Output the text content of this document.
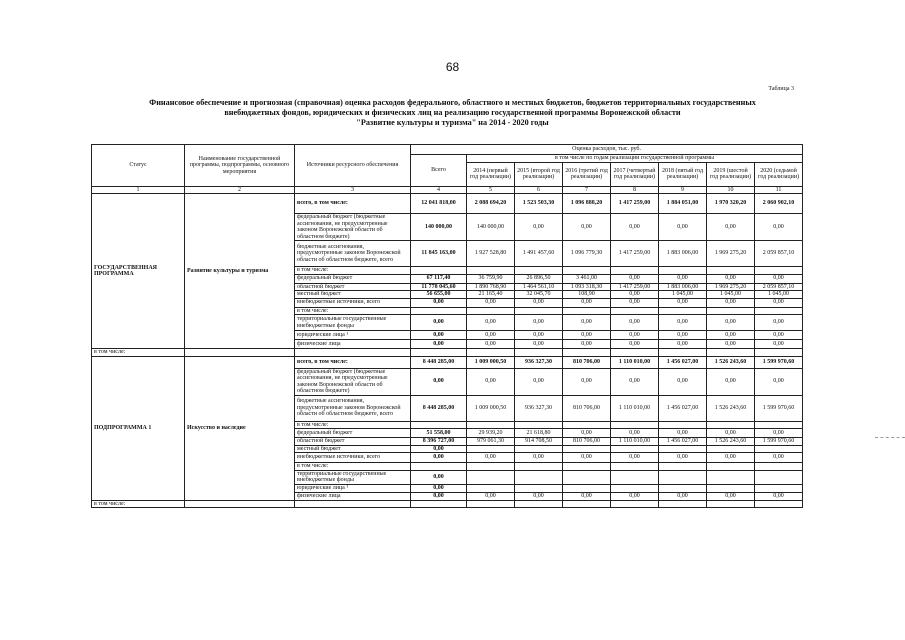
68
Таблица 3
Финансовое обеспечение и прогнозная (справочная) оценка расходов федерального, областного и местных бюджетов, бюджетов территориальных государственных
внебюджетных фондов, юридических и физических лиц на реализацию государственной программы Воронежской области
"Развитие культуры и туризма" на 2014 - 2020 годы
Статус	Наименование государственной программы, подпрограммы, основного мероприятия	Источники ресурсного обеспечения	Оценка расходов, тыс. руб.							
			Всего	в том числе по годам реализации государственной программы						
				2014 (первый год реализации)	2015 (второй год реализации)	2016 (третий год реализации)	2017 (четвертый год реализации)	2018 (пятый год реализации)	2019 (шестой год реализации)	2020 (седьмой год реализации)
1	2	3	4	5	6	7	8	9	10	11
ГОСУДАРСТВЕННАЯ ПРОГРАММА	Развитие культуры и туризма	всего, в том числе:	12 041 818,00	2 088 694,20	1 523 503,30	1 096 888,20	1 417 259,00	1 884 051,00	1 970 320,20	2 060 902,10
		федеральный бюджет (бюджетные ассигнования, не предусмотренные законом Воронежской области об областном бюджете)	140 000,00	140 000,00	0,00	0,00	0,00	0,00	0,00	0,00
		бюджетные ассигнования, предусмотренные законом Воронежской области об областном бюджете, всего	11 845 163,00	1 927 528,80	1 491 457,60	1 096 779,30	1 417 259,00	1 883 006,00	1 969 275,20	2 059 857,10
		в том числе:								
		федеральный бюджет	67 117,40	36 759,90	26 896,50	3 461,00	0,00	0,00	0,00	0,00
		областной бюджет	11 778 045,60	1 890 768,90	1 464 561,10	1 093 318,30	1 417 259,00	1 883 006,00	1 969 275,20	2 059 857,10
		местный бюджет	56 655,00	21 165,40	32 045,70	108,90	0,00	1 045,00	1 045,00	1 045,00
		внебюджетные источники, всего	0,00	0,00	0,00	0,00	0,00	0,00	0,00	0,00
		в том числе:								
		территориальные государственные внебюджетные фонды	0,00	0,00	0,00	0,00	0,00	0,00	0,00	0,00
		юридические лица ¹	0,00	0,00	0,00	0,00	0,00	0,00	0,00	0,00
		физические лица	0,00	0,00	0,00	0,00	0,00	0,00	0,00	0,00
в том числе:										
ПОДПРОГРАММА 1	Искусство и наследие	всего, в том числе:	8 448 285,00	1 009 000,50	936 327,30	810 706,00	1 110 010,00	1 456 027,00	1 526 243,60	1 599 970,60
		федеральный бюджет (бюджетные ассигнования, не предусмотренные законом Воронежской области об областном бюджете)	0,00	0,00	0,00	0,00	0,00	0,00	0,00	0,00
		бюджетные ассигнования, предусмотренные законом Воронежской области об областном бюджете, всего	8 448 285,00	1 009 000,50	936 327,30	810 706,00	1 110 010,00	1 456 027,00	1 526 243,60	1 599 970,60
		в том числе:								
		федеральный бюджет	51 558,00	29 939,20	21 618,80	0,00	0,00	0,00	0,00	0,00
		областной бюджет	8 396 727,00	979 061,30	914 708,50	810 706,00	1 110 010,00	1 456 027,00	1 526 243,60	1 599 970,60
		местный бюджет	0,00							
		внебюджетные источники, всего	0,00	0,00	0,00	0,00	0,00	0,00	0,00	0,00
		в том числе:								
		территориальные государственные внебюджетные фонды	0,00							
		юридические лица ¹	0,00							
		физические лица	0,00	0,00	0,00	0,00	0,00	0,00	0,00	0,00
в том числе:										
